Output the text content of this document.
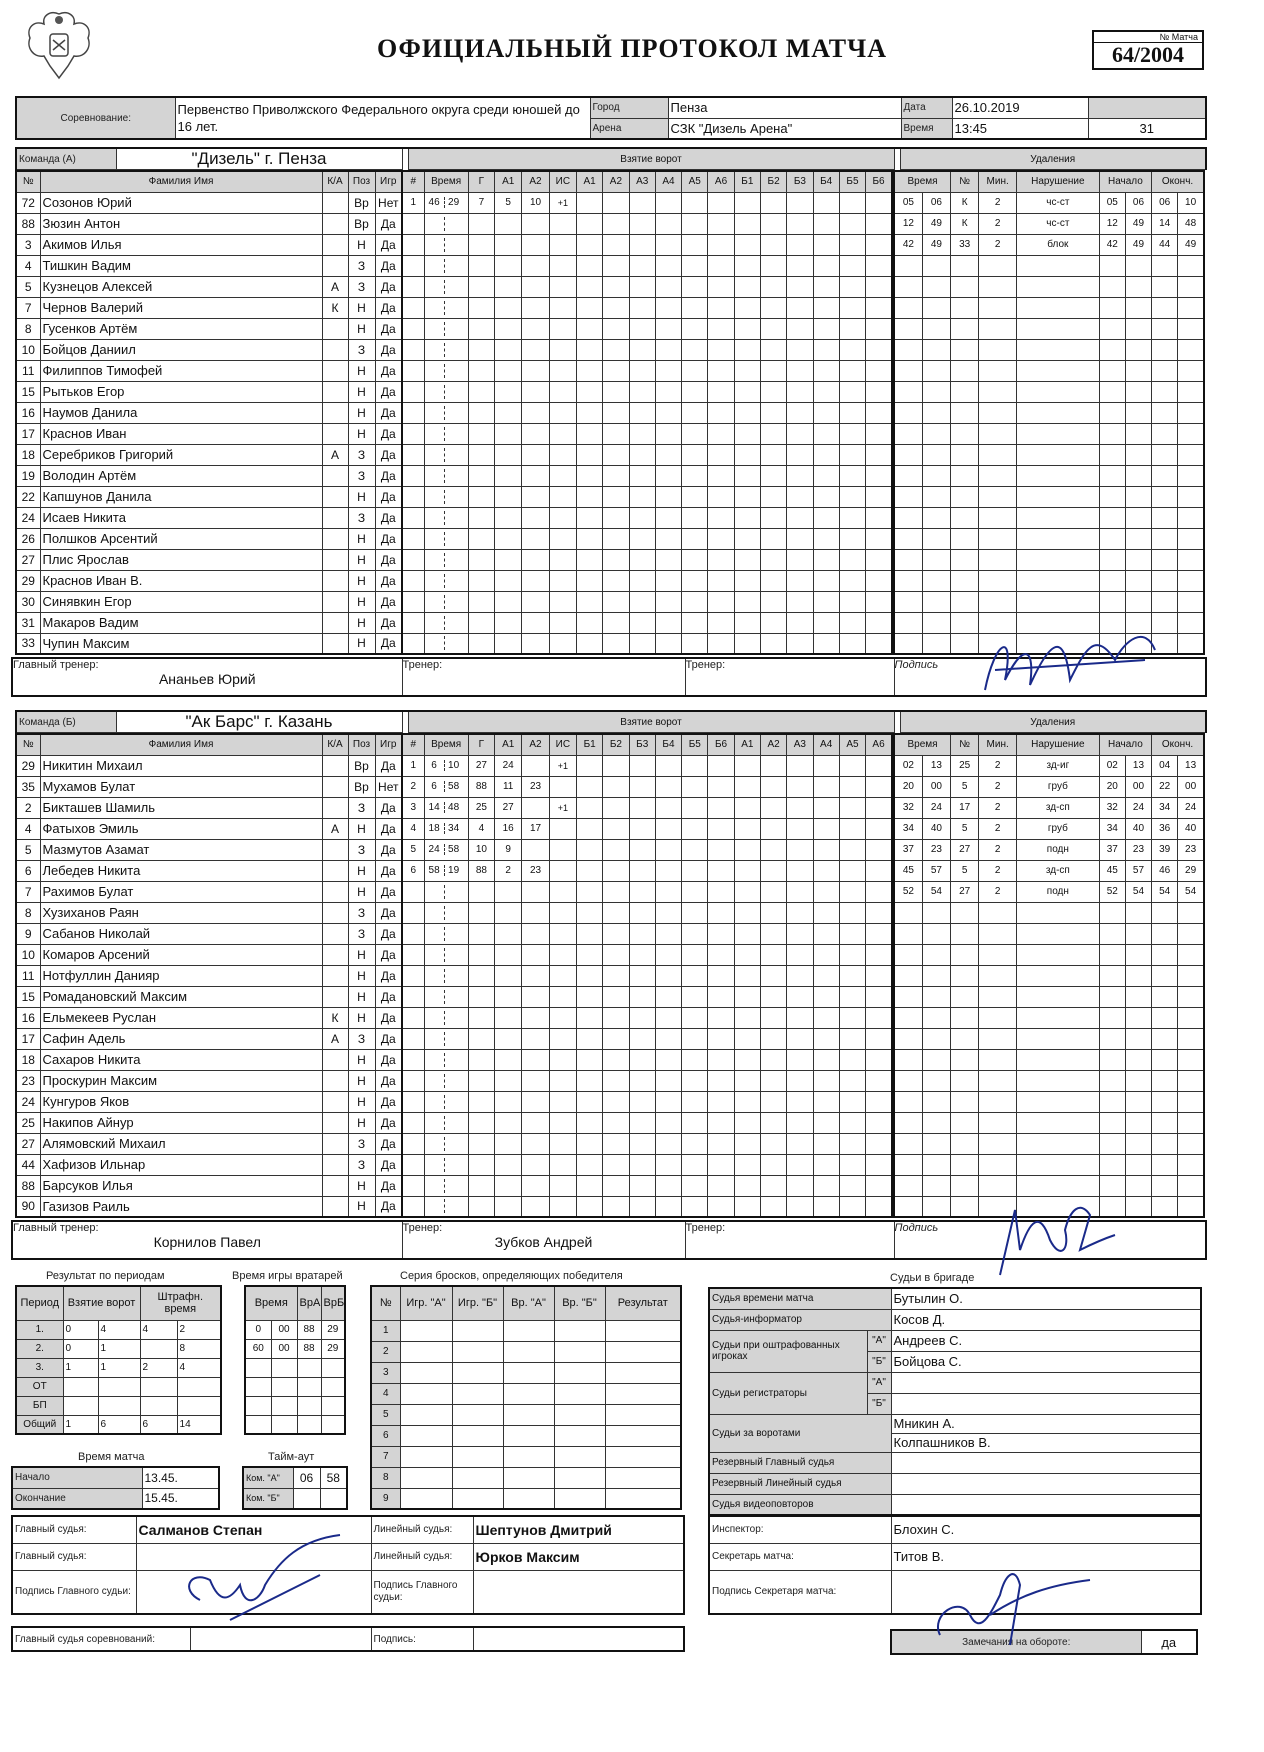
ОФИЦИАЛЬНЫЙ ПРОТОКОЛ МАТЧА	№ Матча
64/2004
Соревнование:	Первенство Приволжского Федерального округа среди юношей до 16 лет.	Город	Пенза	Дата	26.10.2019	
		Арена	СЗК "Дизель Арена"	Время	13:45	31
Команда (А)	"Дизель" г. Пенза		Взятие ворот		Удаления
№	Фамилия Имя	К/А	Поз	Игр
72	Созонов Юрий		Вр	Нет
88	Зюзин Антон		Вр	Да
3	Акимов Илья		Н	Да
4	Тишкин Вадим		З	Да
5	Кузнецов Алексей	А	З	Да
7	Чернов Валерий	К	Н	Да
8	Гусенков Артём		Н	Да
10	Бойцов Даниил		З	Да
11	Филиппов Тимофей		Н	Да
15	Рытьков Егор		Н	Да
16	Наумов Данила		Н	Да
17	Краснов Иван		Н	Да
18	Серебриков Григорий	А	З	Да
19	Володин Артём		З	Да
22	Капшунов Данила		Н	Да
24	Исаев Никита		З	Да
26	Полшков Арсентий		Н	Да
27	Плис Ярослав		Н	Да
29	Краснов Иван В.		Н	Да
30	Синявкин Егор		Н	Да
31	Макаров Вадим		Н	Да
33	Чупин Максим		Н	Да
#	Время	Г	А1	А2	ИС	А1	А2	А3	А4	А5	А6	Б1	Б2	Б3	Б4	Б5	Б6
1	46 29	7	5	10	+1												

Время		№	Мин.	Нарушение	Начало		Оконч.	
05	06	К	2	чс-ст	05	06	06	10
12	49	К	2	чс-ст	12	49	14	48
42	49	33	2	блок	42	49	44	49

Главный тренер:
Ананьев Юрий

Тренер:	Тренер:	Подпись
Команда (Б)	"Ак Барс" г. Казань		Взятие ворот		Удаления
№	Фамилия Имя	К/А	Поз	Игр
29	Никитин Михаил		Вр	Да
35	Мухамов Булат		Вр	Нет
2	Бикташев Шамиль		З	Да
4	Фатыхов Эмиль	А	Н	Да
5	Мазмутов Азамат		З	Да
6	Лебедев Никита		Н	Да
7	Рахимов Булат		Н	Да
8	Хузиханов Раян		З	Да
9	Сабанов Николай		З	Да
10	Комаров Арсений		Н	Да
11	Нотфуллин Данияр		Н	Да
15	Ромадановский Максим		Н	Да
16	Ельмекеев Руслан	К	Н	Да
17	Сафин Адель	А	З	Да
18	Сахаров Никита		Н	Да
23	Проскурин Максим		Н	Да
24	Кунгуров Яков		Н	Да
25	Накипов Айнур		Н	Да
27	Алямовский Михаил		З	Да
44	Хафизов Ильнар		З	Да
88	Барсуков Илья		Н	Да
90	Газизов Раиль		Н	Да
#	Время	Г	А1	А2	ИС	Б1	Б2	Б3	Б4	Б5	Б6	А1	А2	А3	А4	А5	А6
1	6 10	27	24		+1												
2	6 58	88	11	23													
3	14 48	25	27		+1												
4	18 34	4	16	17													
5	24 58	10	9														
6	58 19	88	2	23													

Время		№	Мин.	Нарушение	Начало		Оконч.	
02	13	25	2	зд-иг	02	13	04	13
20	00	5	2	груб	20	00	22	00
32	24	17	2	зд-сп	32	24	34	24
34	40	5	2	груб	34	40	36	40
37	23	27	2	подн	37	23	39	23
45	57	5	2	зд-сп	45	57	46	29
52	54	27	2	подн	52	54	54	54

Главный тренер:
Корнилов Павел

Тренер:
Зубков Андрей

Тренер:	Подпись
Результат по периодам
Период	Взятие ворот		Штрафн. время	
1.	0	4	4	2
2.	0	1		8
3.	1	1	2	4
ОТ				
БП				
Общий	1	6	6	14
Время игры вратарей
Время		ВрА	ВрБ
0	00	88	29
60	00	88	29

Серия бросков, определяющих победителя
№	Игр. "А"	Игр. "Б"	Вр. "А"	Вр. "Б"	Результат
1					
2					
3					
4					
5					
6					
7					
8					
9					
Время матча
Начало	13.45.
Окончание	15.45.
Тайм-аут
Ком. "А"	06	58
Ком. "Б"		
Судьи в бригаде
Судья времени матча		Бутылин О.
Судья-информатор		Косов Д.
Судьи при оштрафованных игроках	"А"	Андреев С.
	"Б"	Бойцова С.
Судьи регистраторы	"А"	
	"Б"	
Судьи за воротами		Мникин А.
		Колпашников В.
Резервный Главный судья		
Резервный Линейный судья		
Судья видеоповторов		
Главный судья:	Салманов Степан	Линейный судья:	Шептунов Дмитрий
Главный судья:		Линейный судья:	Юрков Максим
Подпись Главного судьи:		Подпись Главного судьи:	
Главный судья соревнований:		Подпись:	
Инспектор:	Блохин С.
Секретарь матча:	Титов В.
Подпись Секретаря матча:	
Замечания на обороте:	да
